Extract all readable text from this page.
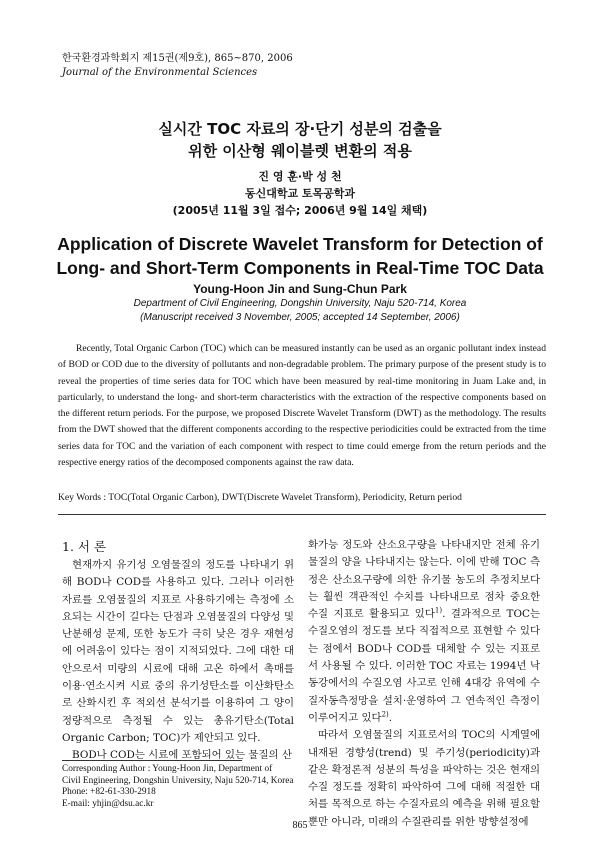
한국환경과학회지 제15권(제9호), 865~870, 2006
Journal of the Environmental Sciences
실시간 TOC 자료의 장·단기 성분의 검출을
위한 이산형 웨이블렛 변환의 적용
진 영 훈·박 성 천
동신대학교 토목공학과
(2005년 11월 3일 접수; 2006년 9월 14일 채택)
Application of Discrete Wavelet Transform for Detection of
Long- and Short-Term Components in Real-Time TOC Data
Young-Hoon Jin and Sung-Chun Park
Department of Civil Engineering, Dongshin University, Naju 520-714, Korea
(Manuscript received 3 November, 2005; accepted 14 September, 2006)
Recently, Total Organic Carbon (TOC) which can be measured instantly can be used as an organic pollutant index instead of BOD or COD due to the diversity of pollutants and non-degradable problem. The primary purpose of the present study is to reveal the properties of time series data for TOC which have been measured by real-time monitoring in Juam Lake and, in particularly, to understand the long- and short-term characteristics with the extraction of the respective components based on the different return periods. For the purpose, we proposed Discrete Wavelet Transform (DWT) as the methodology. The results from the DWT showed that the different components according to the respective periodicities could be extracted from the time series data for TOC and the variation of each component with respect to time could emerge from the return periods and the respective energy ratios of the decomposed components against the raw data.
Key Words : TOC(Total Organic Carbon), DWT(Discrete Wavelet Transform), Periodicity, Return period
1. 서 론

현재까지 유기성 오염물질의 정도를 나타내기 위해 BOD나 COD를 사용하고 있다. 그러나 이러한 자료를 오염물질의 지표로 사용하기에는 측정에 소요되는 시간이 길다는 단점과 오염물질의 다양성 및 난분해성 문제, 또한 농도가 극히 낮은 경우 재현성에 어려움이 있다는 점이 지적되었다. 그에 대한 대안으로서 미량의 시료에 대해 고온 하에서 촉매를 이용·연소시켜 시료 중의 유기성탄소를 이산화탄소로 산화시킨 후 적외선 분석기를 이용하여 그 양이 정량적으로 측정될 수 있는 총유기탄소(Total Organic Carbon; TOC)가 제안되고 있다.

BOD나 COD는 시료에 포함되어 있는 물질의 산

화가능 정도와 산소요구량을 나타내지만 전체 유기물질의 양을 나타내지는 않는다. 이에 반해 TOC 측정은 산소요구량에 의한 유기물 농도의 추정치보다는 훨씬 객관적인 수치를 나타내므로 점차 중요한 수질 지표로 활용되고 있다$^{1)}$. 결과적으로 TOC는 수질오염의 정도를 보다 직접적으로 표현할 수 있다는 점에서 BOD나 COD를 대체할 수 있는 지표로서 사용될 수 있다. 이러한 TOC 자료는 1994년 낙동강에서의 수질오염 사고로 인해 4대강 유역에 수질자동측정망을 설치·운영하여 그 연속적인 측정이 이루어지고 있다$^{2)}$.

따라서 오염물질의 지표로서의 TOC의 시계열에 내재된 경향성(trend) 및 주기성(periodicity)과 같은 확정론적 성분의 특성을 파악하는 것은 현재의 수질 정도를 정확히 파악하여 그에 대해 적절한 대처를 목적으로 하는 수질자료의 예측을 위해 필요할 뿐만 아니라, 미래의 수질관리를 위한 방향설정에

Corresponding Author : Young-Hoon Jin, Department of
Civil Engineering, Dongshin University, Naju 520-714, Korea
Phone: +82-61-330-2918
E-mail: yhjin@dsu.ac.kr
865
